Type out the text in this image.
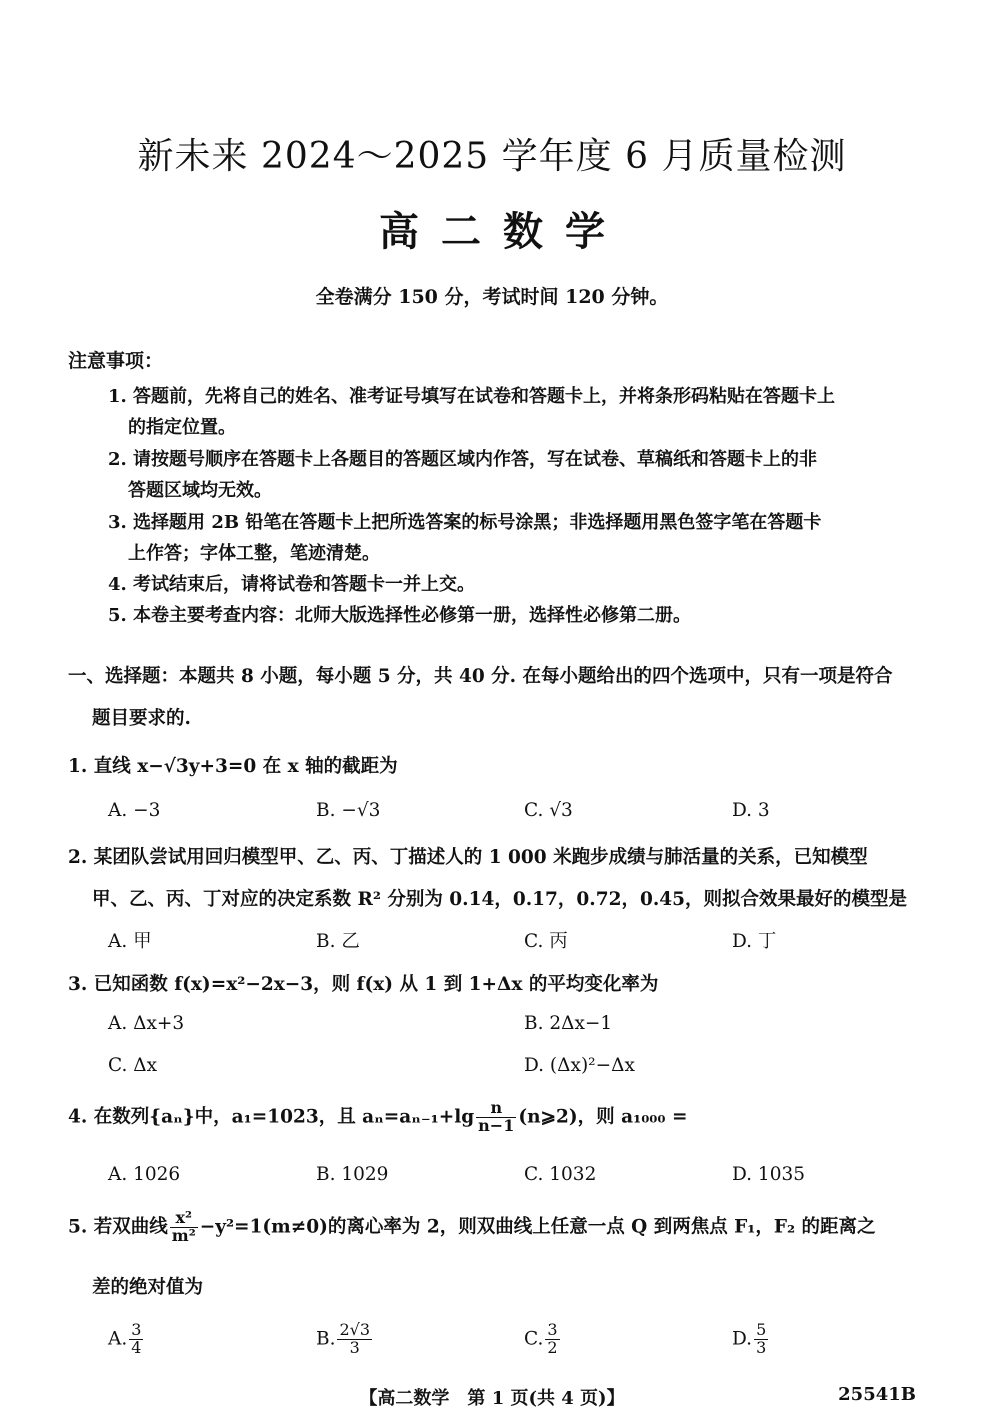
新未来 2024～2025 学年度 6 月质量检测
高二数学
全卷满分 150 分，考试时间 120 分钟。
注意事项：
1. 答题前，先将自己的姓名、准考证号填写在试卷和答题卡上，并将条形码粘贴在答题卡上
的指定位置。
2. 请按题号顺序在答题卡上各题目的答题区域内作答，写在试卷、草稿纸和答题卡上的非
答题区域均无效。
3. 选择题用 2B 铅笔在答题卡上把所选答案的标号涂黑；非选择题用黑色签字笔在答题卡
上作答；字体工整，笔迹清楚。
4. 考试结束后，请将试卷和答题卡一并上交。
5. 本卷主要考查内容：北师大版选择性必修第一册，选择性必修第二册。
一、选择题：本题共 8 小题，每小题 5 分，共 40 分. 在每小题给出的四个选项中，只有一项是符合
题目要求的.
1. 直线 x−√3y+3=0 在 x 轴的截距为
A. −3	B. −√3	C. √3	D. 3
2. 某团队尝试用回归模型甲、乙、丙、丁描述人的 1 000 米跑步成绩与肺活量的关系，已知模型
甲、乙、丙、丁对应的决定系数 R² 分别为 0.14，0.17，0.72，0.45，则拟合效果最好的模型是
A. 甲	B. 乙	C. 丙	D. 丁
3. 已知函数 f(x)=x²−2x−3，则 f(x) 从 1 到 1+Δx 的平均变化率为
A. Δx+3	B. 2Δx−1
C. Δx	D. (Δx)²−Δx
4. 在数列{aₙ}中，a₁=1023，且 $a_n=a_{n-1}+\lg \frac{n}{n-1}$ (n⩾2)，则 a₁₀₀₀ =
A. 1026	B. 1029	C. 1032	D. 1035
5. 若双曲线 $\frac{\text{x²}}{\text{m²}} -y^2=1(m\ne 0)$的离心率为 2，则双曲线上任意一点 Q 到两焦点 F₁，F₂ 的距离之
差的绝对值为
A. $\frac{3}{4}$	B. $\frac{2√3}{3}$	C. $\frac{3}{2}$	D. $\frac{5}{3}$
【高二数学　第 1 页(共 4 页)】	25541B
